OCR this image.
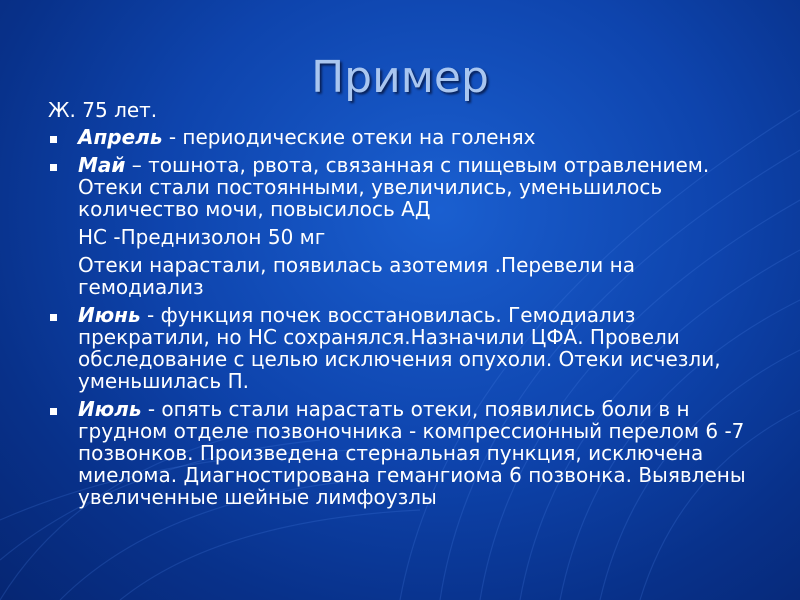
Пример
Ж. 75 лет.
Апрель - периодические отеки на голенях
Май – тошнота, рвота, связанная с пищевым отравлением. Отеки стали постоянными, увеличились, уменьшилось количество мочи, повысилось АД
НС -Преднизолон 50 мг
Отеки нарастали, появилась азотемия .Перевели на гемодиализ
Июнь - функция почек восстановилась. Гемодиализ прекратили, но НС сохранялся.Назначили ЦФА. Провели обследование с целью исключения опухоли. Отеки исчезли, уменьшилась П.
Июль - опять стали нарастать отеки, появились боли в н грудном отделе позвоночника - компрессионный перелом 6 -7 позвонков. Произведена стернальная пункция, исключена миелома. Диагностирована гемангиома 6 позвонка. Выявлены увеличенные шейные лимфоузлы
